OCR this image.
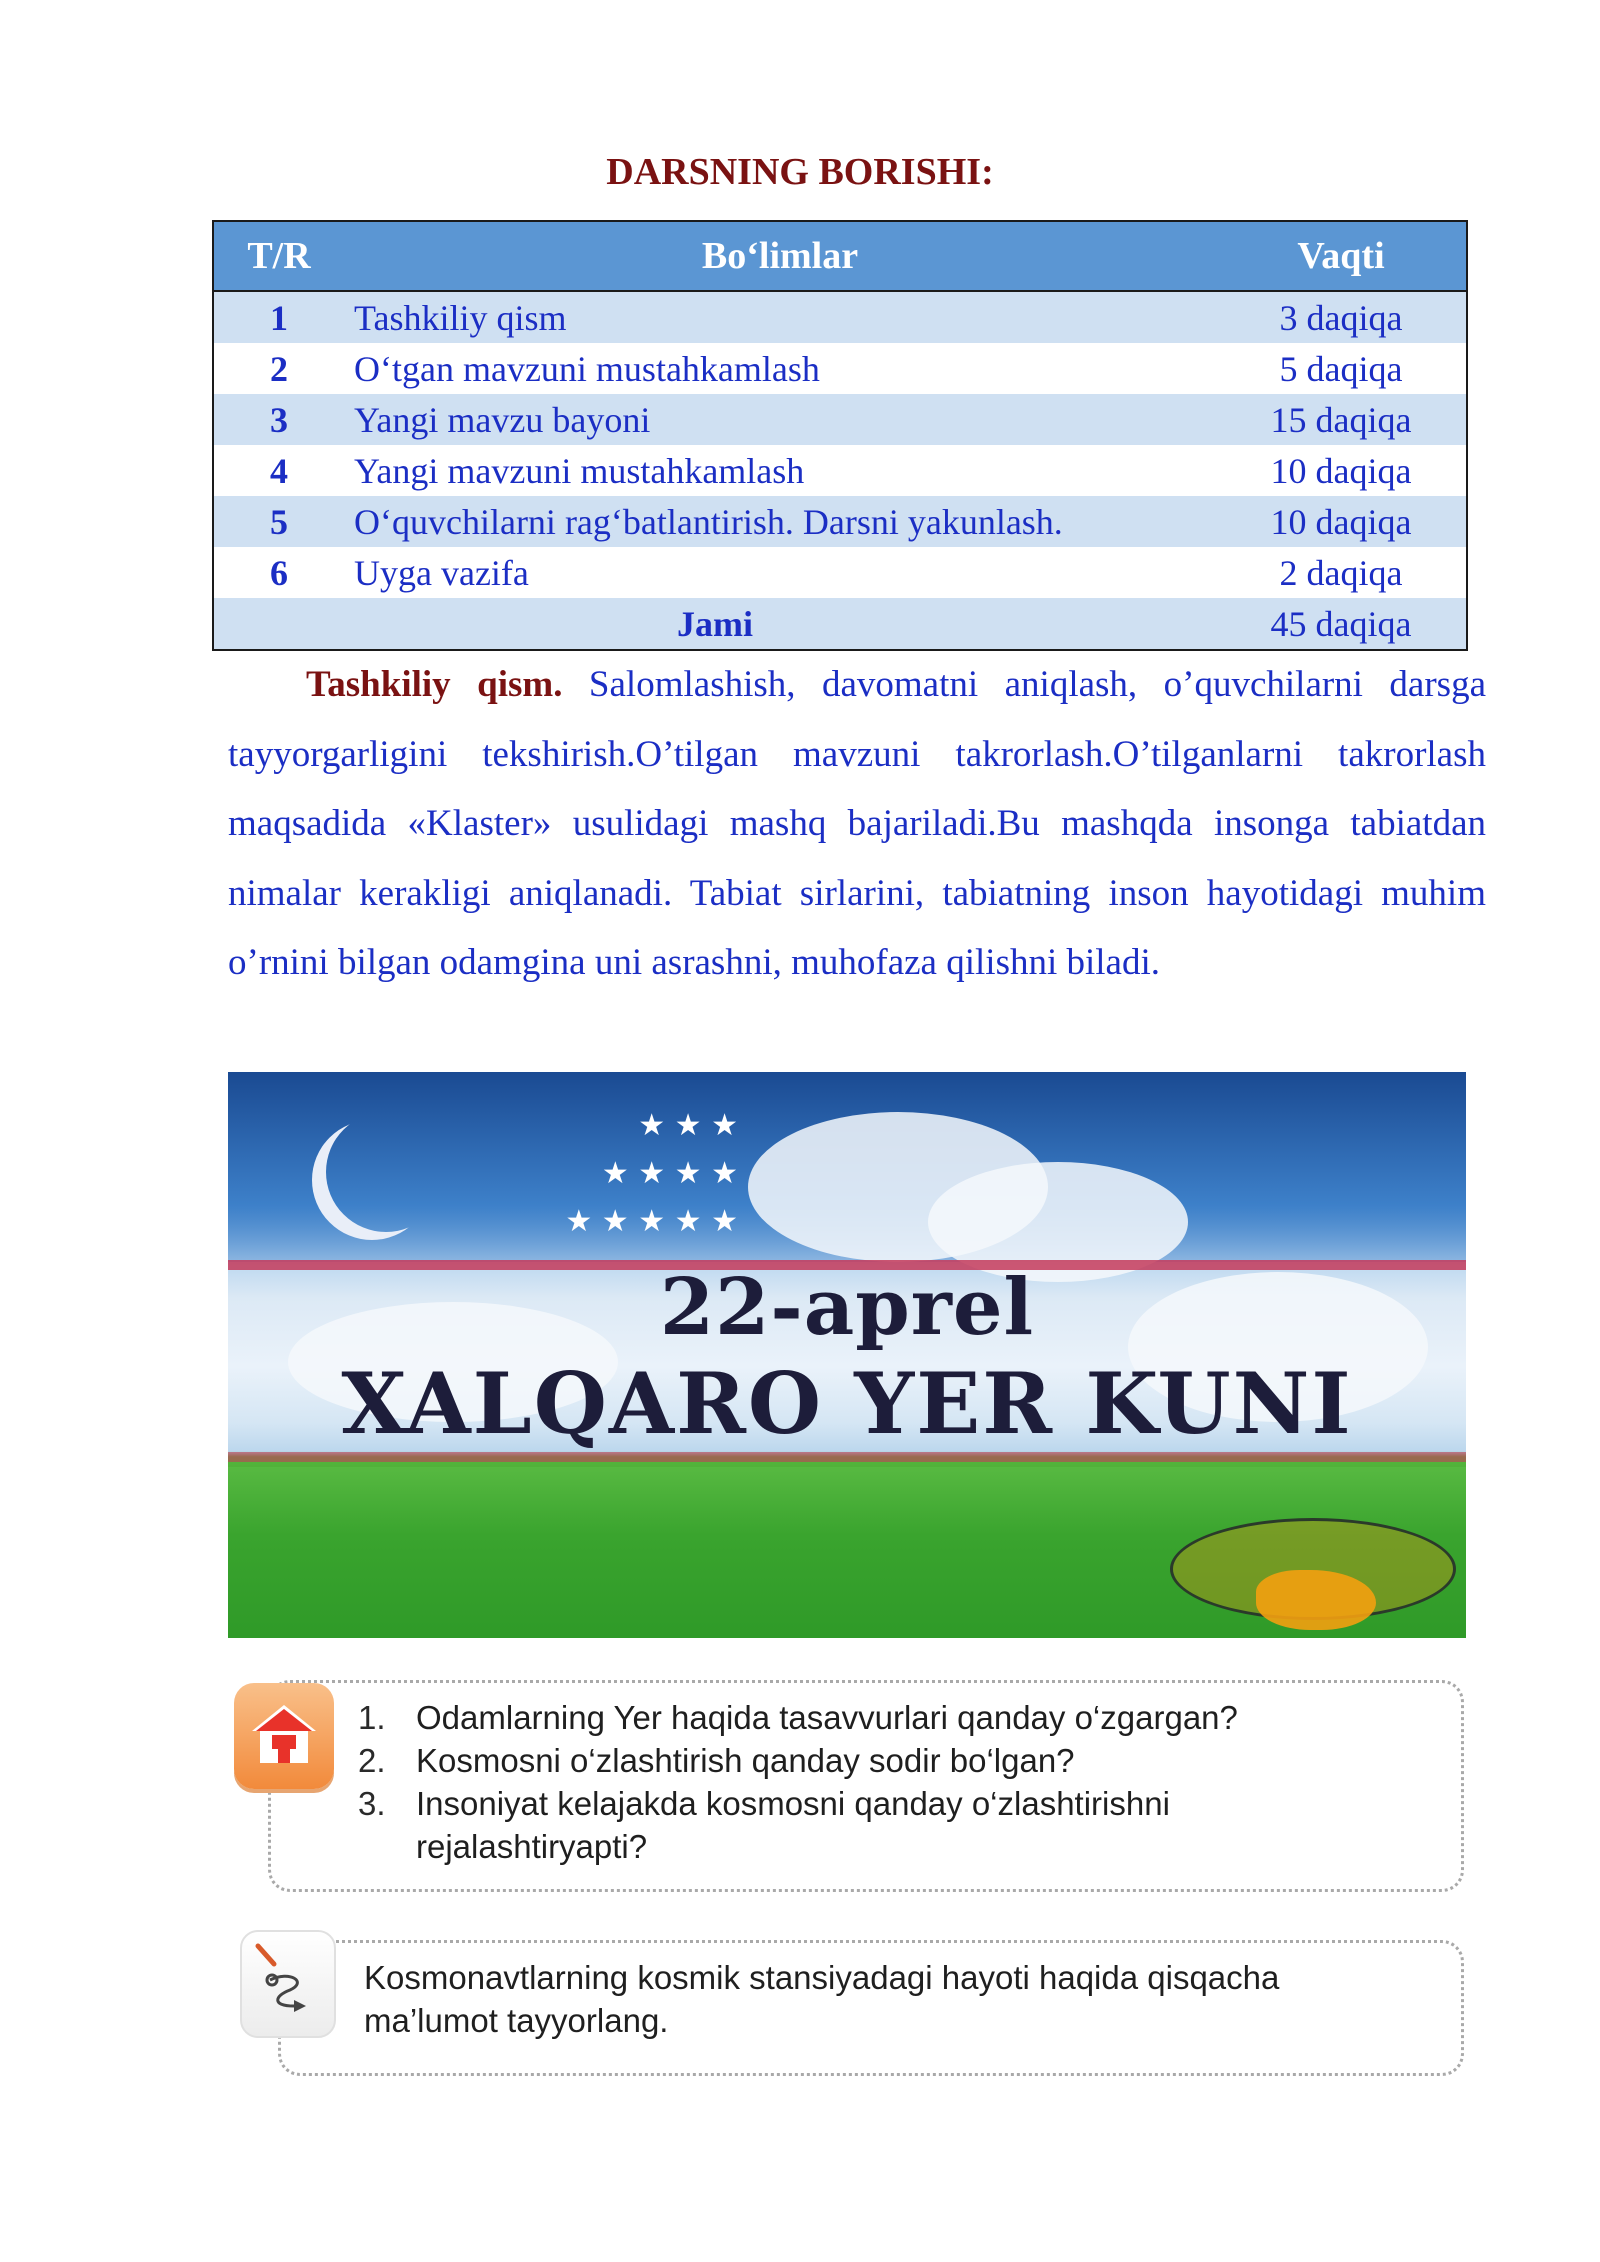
DARSNING BORISHI:
T/R	Bo‘limlar	Vaqti
1	Tashkiliy qism	3 daqiqa
2	O‘tgan mavzuni mustahkamlash	5 daqiqa
3	Yangi mavzu bayoni	15 daqiqa
4	Yangi mavzuni mustahkamlash	10 daqiqa
5	O‘quvchilarni rag‘batlantirish. Darsni yakunlash.	10 daqiqa
6	Uyga vazifa	2 daqiqa
Jami		45 daqiqa
Tashkiliy qism. Salomlashish, davomatni aniqlash, o’quvchilarni darsga tayyorgarligini tekshirish.O’tilgan mavzuni takrorlash.O’tilganlarni takrorlash maqsadida «Klaster» usulidagi mashq bajariladi.Bu mashqda insonga tabiatdan nimalar kerakligi aniqlanadi. Tabiat sirlarini, tabiatning inson hayotidagi muhim o’rnini bilgan odamgina uni asrashni, muhofaza qilishni biladi.
★ ★ ★
★ ★ ★ ★
★ ★ ★ ★ ★
22-aprel
XALQARO YER KUNI
1. Odamlarning Yer haqida tasavvurlari qanday o‘zgargan?
2. Kosmosni o‘zlashtirish qanday sodir bo‘lgan?
3. Insoniyat kelajakda kosmosni qanday o‘zlashtirishni rejalashtiryapti?
Kosmonavtlarning kosmik stansiyadagi hayoti haqida qisqacha ma’lumot tayyorlang.
